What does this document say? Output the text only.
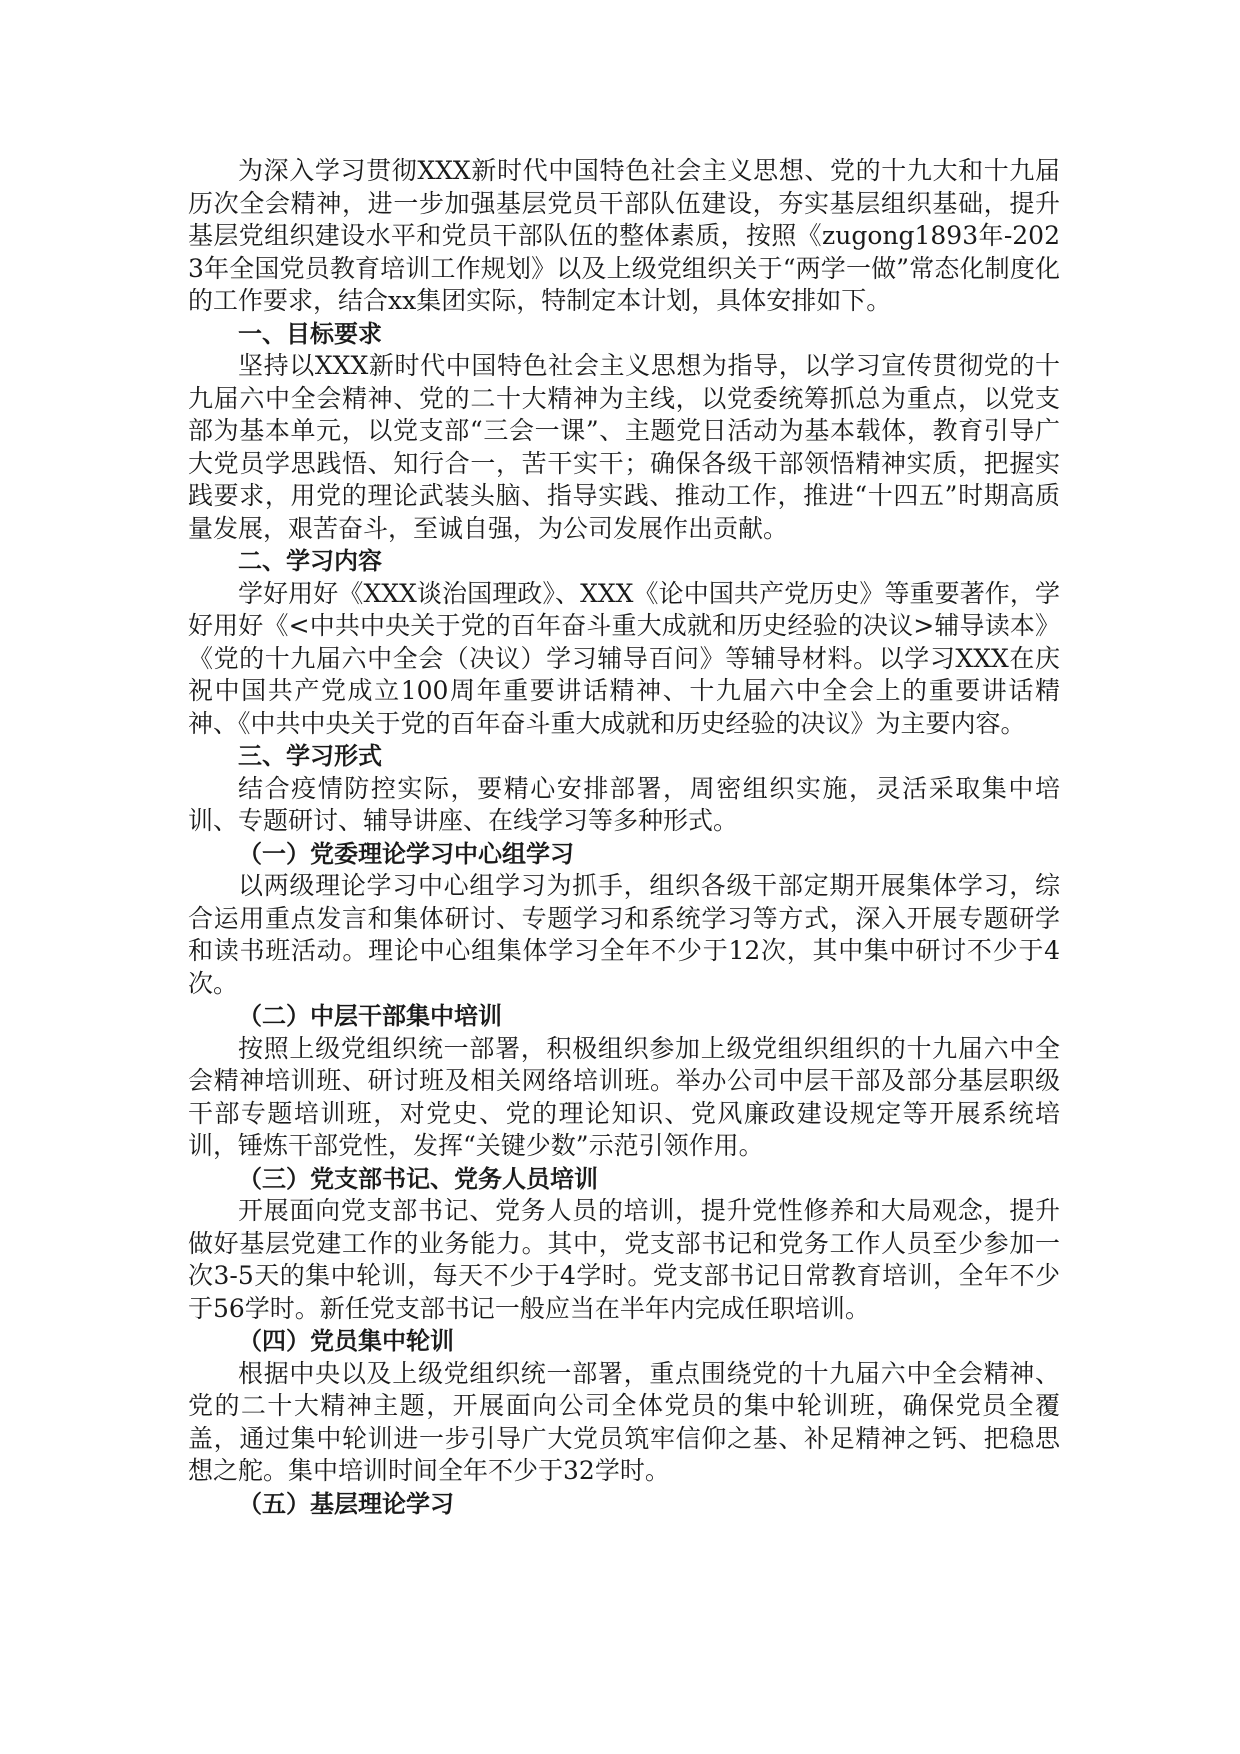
为深入学习贯彻XXX新时代中国特色社会主义思想、党的十九大和十九届历次全会精神，进一步加强基层党员干部队伍建设，夯实基层组织基础，提升基层党组织建设水平和党员干部队伍的整体素质，按照《zugong1893年-2023年全国党员教育培训工作规划》以及上级党组织关于“两学一做”常态化制度化的工作要求，结合xx集团实际，特制定本计划，具体安排如下。

一、目标要求

坚持以XXX新时代中国特色社会主义思想为指导，以学习宣传贯彻党的十九届六中全会精神、党的二十大精神为主线，以党委统筹抓总为重点，以党支部为基本单元，以党支部“三会一课”、主题党日活动为基本载体，教育引导广大党员学思践悟、知行合一，苦干实干；确保各级干部领悟精神实质，把握实践要求，用党的理论武装头脑、指导实践、推动工作，推进“十四五”时期高质量发展，艰苦奋斗，至诚自强，为公司发展作出贡献。

二、学习内容

学好用好《XXX谈治国理政》、XXX《论中国共产党历史》等重要著作，学好用好《<中共中央关于党的百年奋斗重大成就和历史经验的决议>辅导读本》《党的十九届六中全会（决议）学习辅导百问》等辅导材料。以学习XXX在庆祝中国共产党成立100周年重要讲话精神、十九届六中全会上的重要讲话精神、《中共中央关于党的百年奋斗重大成就和历史经验的决议》为主要内容。

三、学习形式

结合疫情防控实际，要精心安排部署，周密组织实施，灵活采取集中培训、专题研讨、辅导讲座、在线学习等多种形式。

（一）党委理论学习中心组学习

以两级理论学习中心组学习为抓手，组织各级干部定期开展集体学习，综合运用重点发言和集体研讨、专题学习和系统学习等方式，深入开展专题研学和读书班活动。理论中心组集体学习全年不少于12次，其中集中研讨不少于4次。

（二）中层干部集中培训

按照上级党组织统一部署，积极组织参加上级党组织组织的十九届六中全会精神培训班、研讨班及相关网络培训班。举办公司中层干部及部分基层职级干部专题培训班，对党史、党的理论知识、党风廉政建设规定等开展系统培训，锤炼干部党性，发挥“关键少数”示范引领作用。

（三）党支部书记、党务人员培训

开展面向党支部书记、党务人员的培训，提升党性修养和大局观念，提升做好基层党建工作的业务能力。其中，党支部书记和党务工作人员至少参加一次3-5天的集中轮训，每天不少于4学时。党支部书记日常教育培训，全年不少于56学时。新任党支部书记一般应当在半年内完成任职培训。

（四）党员集中轮训

根据中央以及上级党组织统一部署，重点围绕党的十九届六中全会精神、党的二十大精神主题，开展面向公司全体党员的集中轮训班，确保党员全覆盖，通过集中轮训进一步引导广大党员筑牢信仰之基、补足精神之钙、把稳思想之舵。集中培训时间全年不少于32学时。

（五）基层理论学习
